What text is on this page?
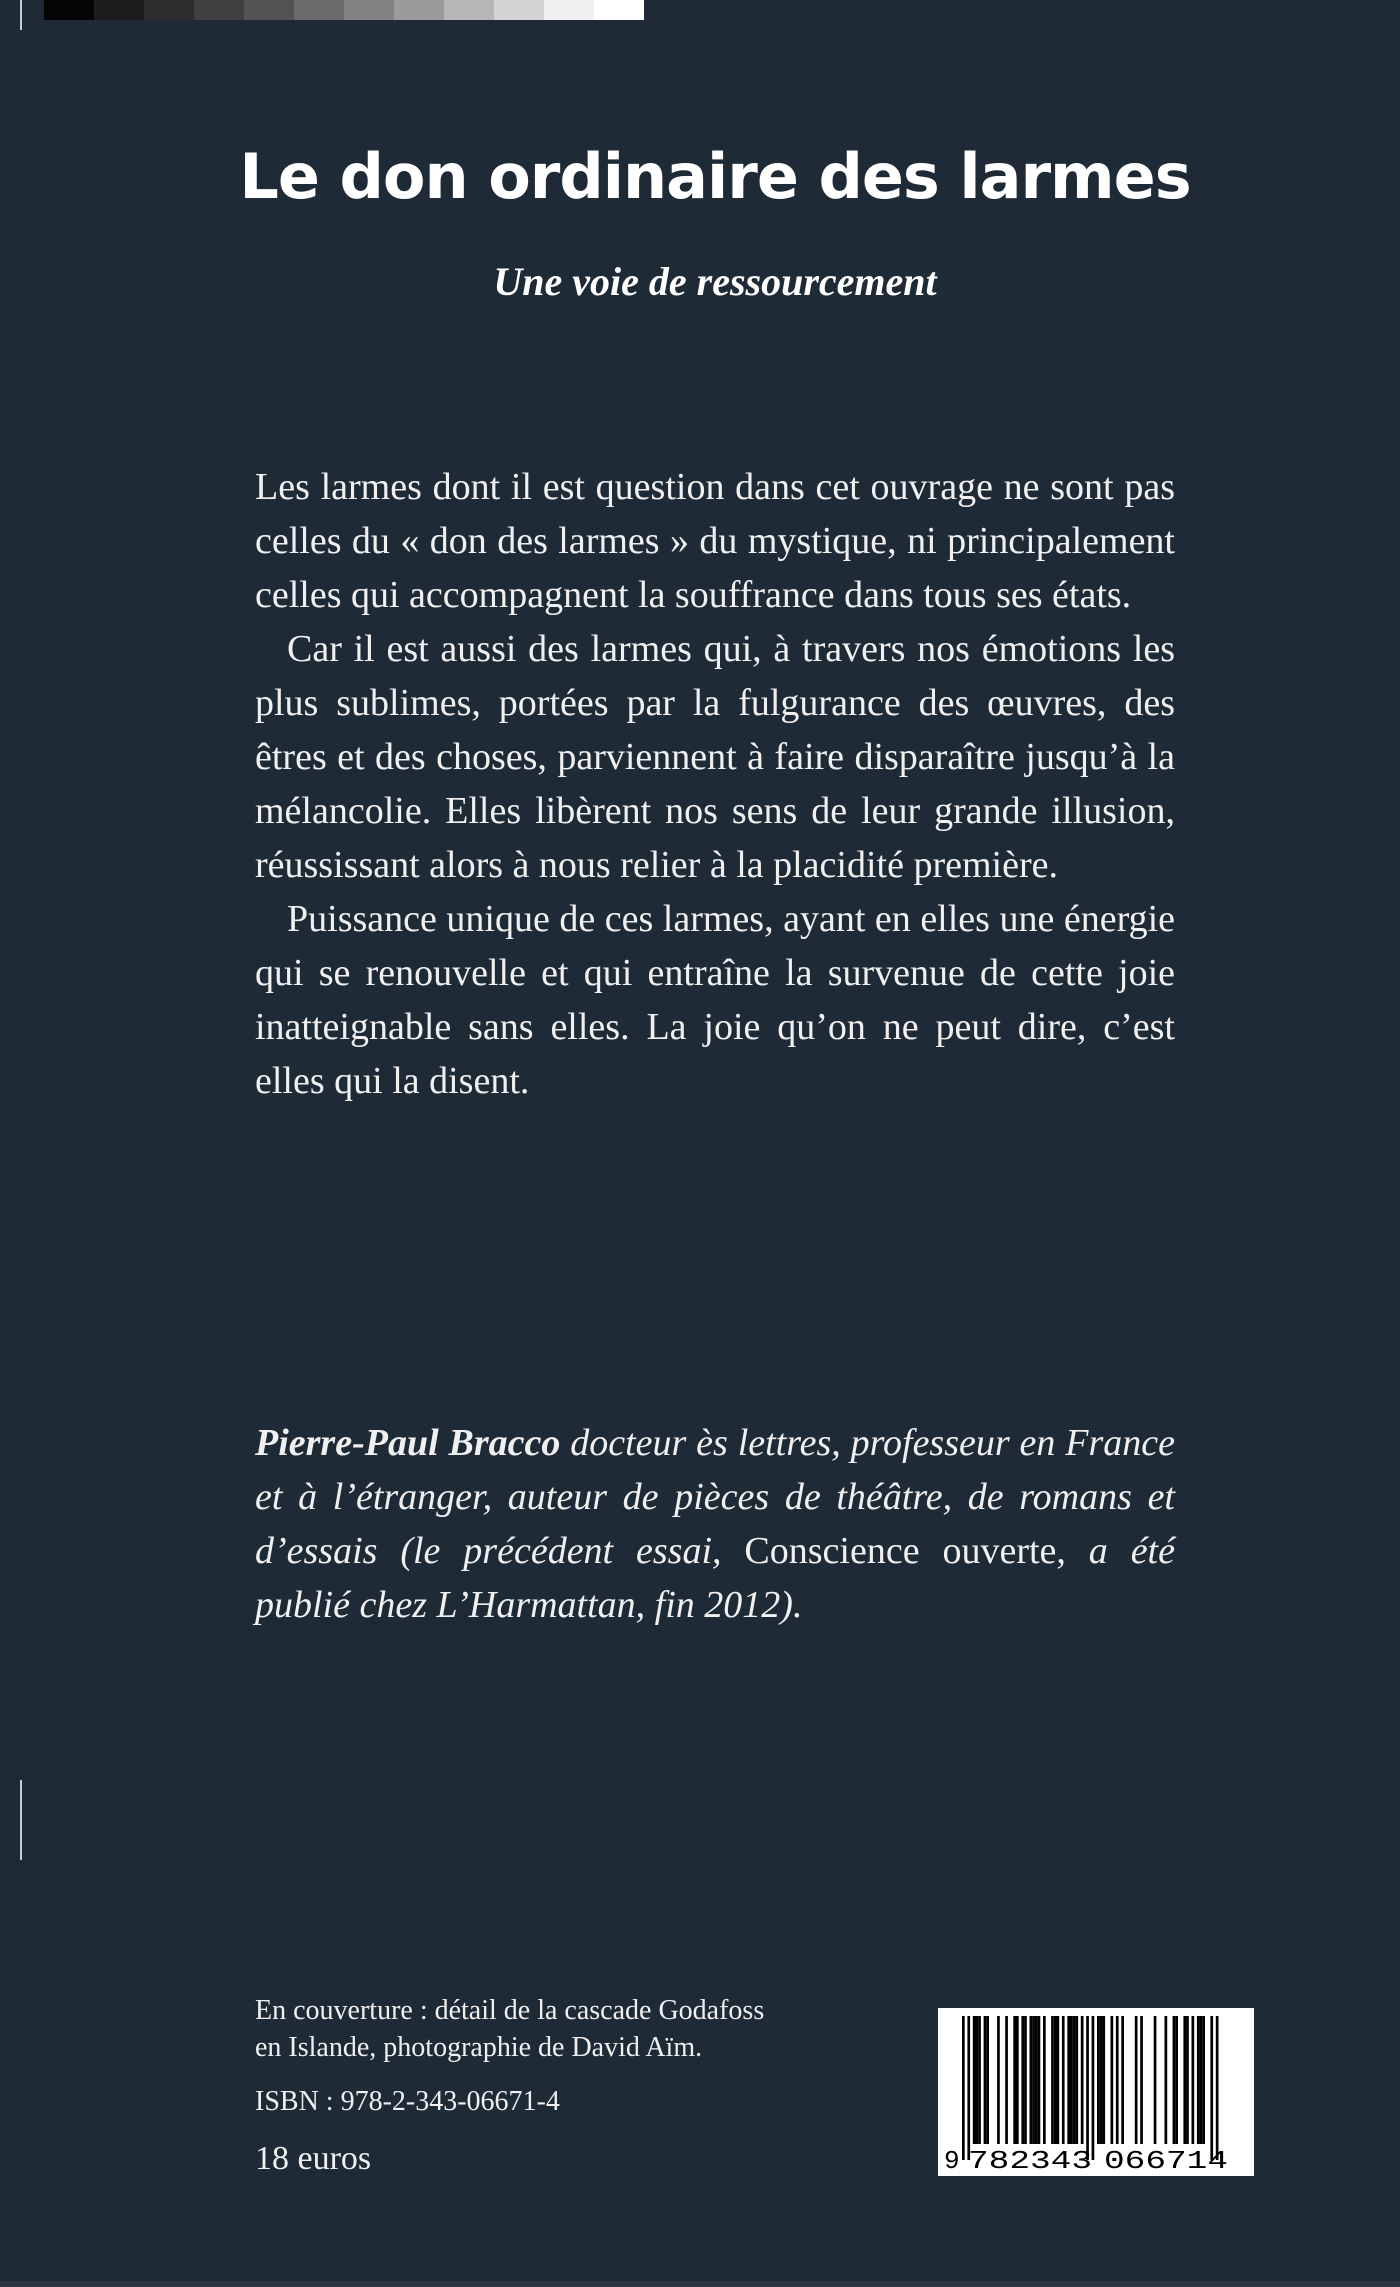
Le don ordinaire des larmes
Une voie de ressourcement

Les larmes dont il est question dans cet ouvrage ne sont pas celles du « don des larmes » du mystique, ni principalement celles qui accompagnent la souffrance dans tous ses états.

Car il est aussi des larmes qui, à travers nos émotions les plus sublimes, portées par la fulgurance des œuvres, des êtres et des choses, parviennent à faire disparaître jusqu’à la mélancolie. Elles libèrent nos sens de leur grande illusion, réussissant alors à nous relier à la placidité première.

Puissance unique de ces larmes, ayant en elles une énergie qui se renouvelle et qui entraîne la survenue de cette joie inatteignable sans elles. La joie qu’on ne peut dire, c’est elles qui la disent.

Pierre-Paul Bracco docteur ès lettres, professeur en France et à l’étranger, auteur de pièces de théâtre, de romans et d’essais (le précédent essai, Conscience ouverte, a été publié chez L’Harmattan, fin 2012).

En couverture : détail de la cascade Godafoss
en Islande, photographie de David Aïm.

ISBN : 978-2-343-06671-4

18 euros	9 782343 066714
